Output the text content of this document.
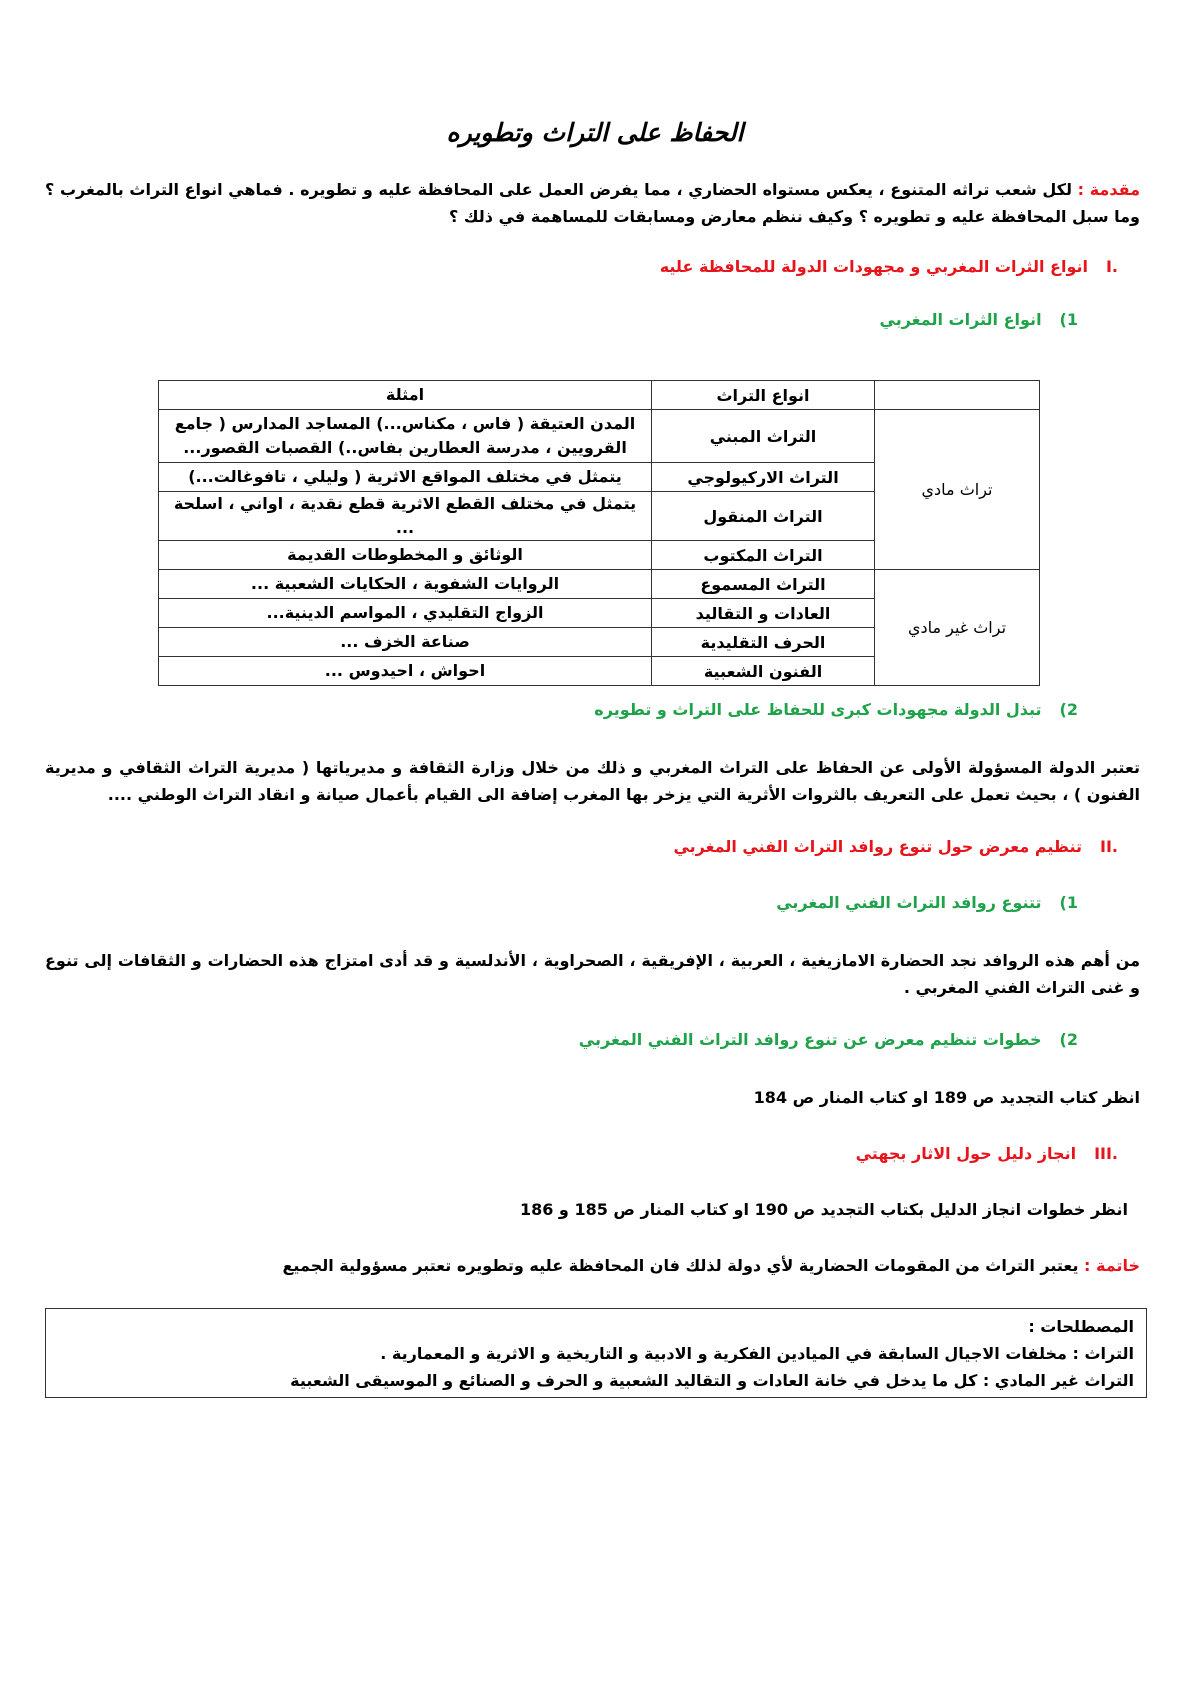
الحفاظ على التراث وتطويره
مقدمة : لكل شعب تراثه المتنوع ، يعكس مستواه الحضاري ، مما يفرض العمل على المحافظة عليه و تطويره . فماهي انواع التراث بالمغرب ؟ وما سبل المحافظة عليه و تطويره ؟ وكيف ننظم معارض ومسابقات للمساهمة في ذلك ؟
I.انواع الثرات المغربي و مجهودات الدولة للمحافظة عليه
(1انواع الثرات المغربي
	انواع التراث	امثلة
تراث مادي	التراث المبني	المدن العتيقة ( فاس ، مكناس...) المساجد المدارس ( جامع القرويين ، مدرسة العطارين بفاس..) القصبات القصور...
	التراث الاركيولوجي	يتمثل في مختلف المواقع الاثرية ( وليلي ، تافوغالت...)
	التراث المنقول	يتمثل في مختلف القطع الاثرية قطع نقدية ، اواني ، اسلحة ...
	التراث المكتوب	الوثائق و المخطوطات القديمة
تراث غير مادي	التراث المسموع	الروايات الشفوية ، الحكايات الشعبية ...
	العادات و التقاليد	الزواج التقليدي ، المواسم الدينية...
	الحرف التقليدية	صناعة الخزف ...
	الفنون الشعبية	احواش ، احيدوس ...
(2تبذل الدولة مجهودات كبرى للحفاظ على التراث و تطويره
تعتبر الدولة المسؤولة الأولى عن الحفاظ على التراث المغربي و ذلك من خلال وزارة الثقافة و مديرياتها ( مديرية التراث الثقافي و مديرية الفنون ) ، بحيث تعمل على التعريف بالثروات الأثرية التي يزخر بها المغرب إضافة الى القيام بأعمال صيانة و انقاد التراث الوطني ....
II.تنظيم معرض حول تنوع روافد التراث الفني المغربي
(1تتنوع روافد التراث الفني المغربي
من أهم هذه الروافد نجد الحضارة الامازيغية ، العربية ، الإفريقية ، الصحراوية ، الأندلسية و قد أدى امتزاج هذه الحضارات و الثقافات إلى تنوع و غنى التراث الفني المغربي .
(2خطوات تنظيم معرض عن تنوع روافد التراث الفني المغربي
انظر كتاب التجديد ص 189 او كتاب المنار ص 184
III.انجاز دليل حول الاثار بجهتي
انظر خطوات انجاز الدليل بكتاب التجديد ص 190 او كتاب المنار ص 185 و 186
خاتمة : يعتبر التراث من المقومات الحضارية لأي دولة لذلك فان المحافظة عليه وتطويره تعتبر مسؤولية الجميع
المصطلحات :
التراث : مخلفات الاجيال السابقة في الميادين الفكرية و الادبية و التاريخية و الاثرية و المعمارية .
التراث غير المادي : كل ما يدخل في خانة العادات و التقاليد الشعبية و الحرف و الصنائع و الموسيقى الشعبية
